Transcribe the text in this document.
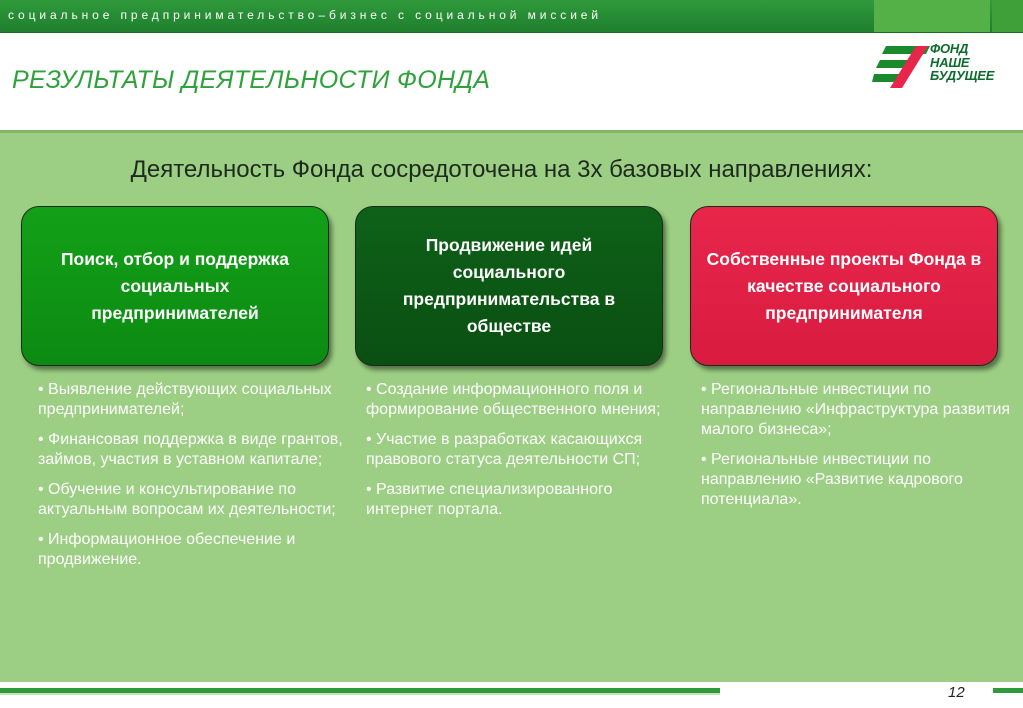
социальное предпринимательство–бизнес с социальной миссией
РЕЗУЛЬТАТЫ ДЕЯТЕЛЬНОСТИ ФОНДА
ФОНД
НАШЕ
БУДУЩЕЕ
Деятельность Фонда сосредоточена на 3х базовых направлениях:
Поиск, отбор и поддержка социальных предпринимателей
Продвижение идей социального предпринимательства в обществе
Собственные проекты Фонда в качестве социального предпринимателя
• Выявление действующих социальных предпринимателей;
• Финансовая поддержка в виде грантов, займов, участия в уставном капитале;
• Обучение и консультирование по актуальным вопросам их деятельности;
• Информационное обеспечение и продвижение.
• Создание информационного поля и формирование общественного мнения;
• Участие в разработках касающихся правового статуса деятельности СП;
• Развитие специализированного интернет портала.
• Региональные инвестиции по направлению «Инфраструктура развития малого бизнеса»;
• Региональные инвестиции по направлению «Развитие кадрового потенциала».
12
